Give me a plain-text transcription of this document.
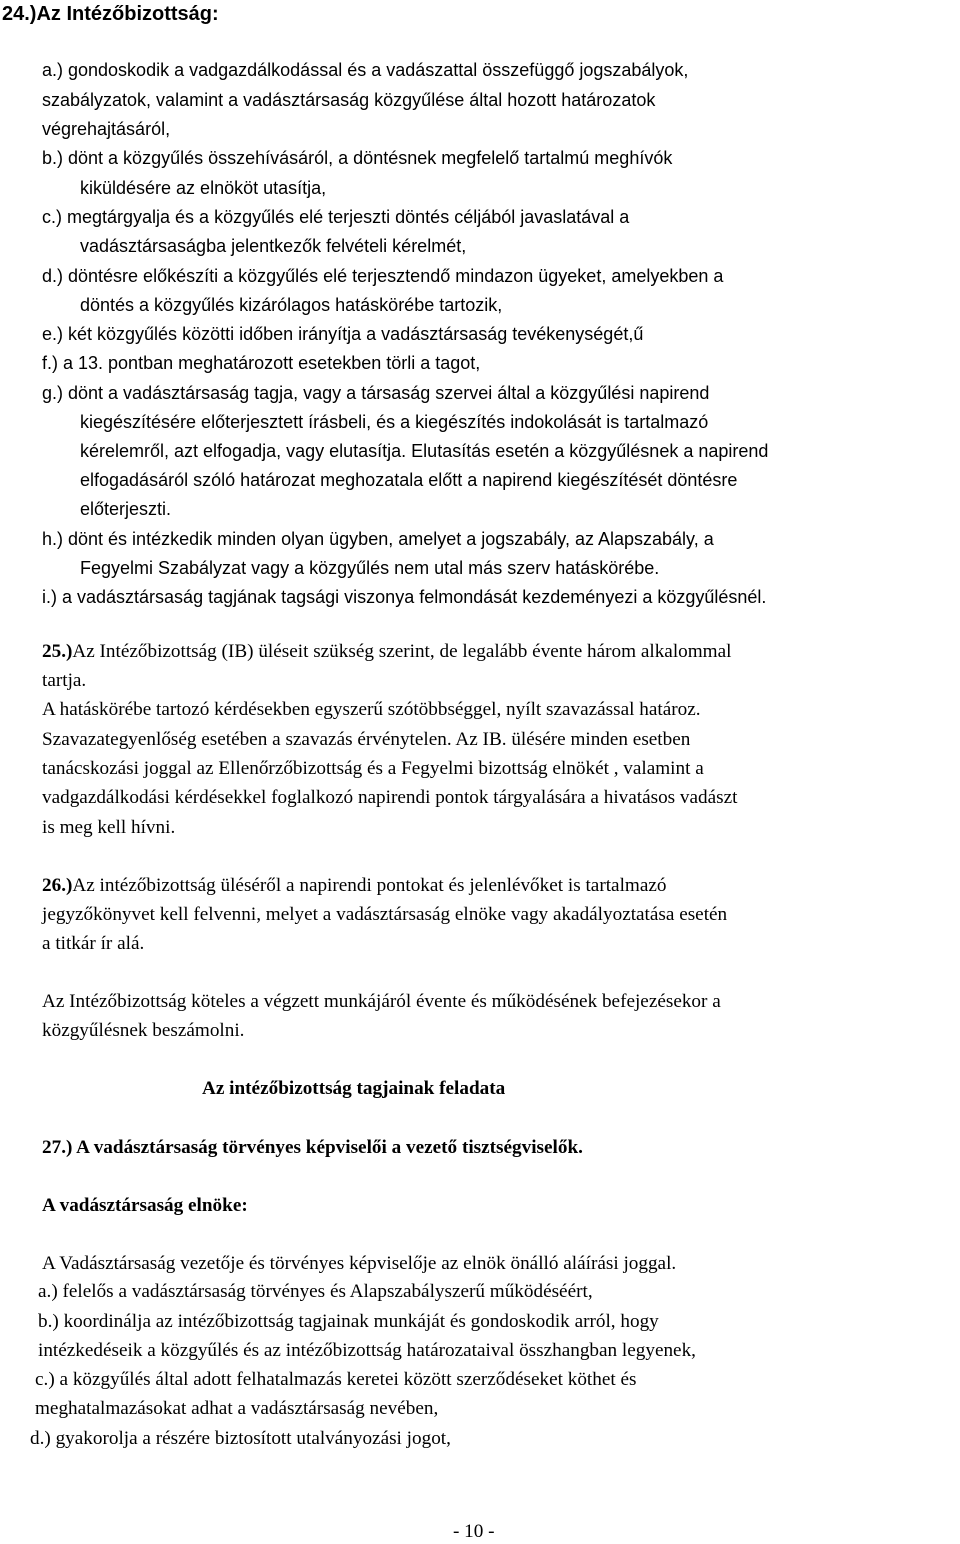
24.)Az Intézőbizottság:
a.) gondoskodik a vadgazdálkodással és a vadászattal összefüggő jogszabályok,
szabályzatok, valamint a vadásztársaság közgyűlése által hozott határozatok
végrehajtásáról,
b.) dönt a közgyűlés összehívásáról, a döntésnek megfelelő tartalmú meghívók
kiküldésére az elnököt utasítja,
c.) megtárgyalja és a közgyűlés elé terjeszti döntés céljából javaslatával a
vadásztársaságba jelentkezők felvételi kérelmét,
d.) döntésre előkészíti a közgyűlés elé terjesztendő mindazon ügyeket, amelyekben a
döntés a közgyűlés kizárólagos hatáskörébe tartozik,
e.) két közgyűlés közötti időben irányítja a vadásztársaság tevékenységét,ű
f.) a 13. pontban meghatározott esetekben törli a tagot,
g.) dönt a vadásztársaság tagja, vagy a társaság szervei által a közgyűlési napirend
kiegészítésére előterjesztett írásbeli, és a kiegészítés indokolását is tartalmazó
kérelemről, azt elfogadja, vagy elutasítja. Elutasítás esetén a közgyűlésnek a napirend
elfogadásáról szóló határozat meghozatala előtt a napirend kiegészítését döntésre
előterjeszti.
h.) dönt és intézkedik minden olyan ügyben, amelyet a jogszabály, az Alapszabály, a
Fegyelmi Szabályzat vagy a közgyűlés nem utal más szerv hatáskörébe.
i.) a vadásztársaság tagjának tagsági viszonya felmondását kezdeményezi a közgyűlésnél.
25.)Az Intézőbizottság (IB) üléseit szükség szerint, de legalább évente három alkalommal
tartja.
A hatáskörébe tartozó kérdésekben egyszerű szótöbbséggel, nyílt szavazással határoz.
Szavazategyenlőség esetében a szavazás érvénytelen. Az IB. ülésére minden esetben
tanácskozási joggal az Ellenőrzőbizottság és a Fegyelmi bizottság elnökét , valamint a
vadgazdálkodási kérdésekkel foglalkozó napirendi pontok tárgyalására a hivatásos vadászt
is meg kell hívni.
26.)Az intézőbizottság üléséről a napirendi pontokat és jelenlévőket is tartalmazó
jegyzőkönyvet kell felvenni, melyet a vadásztársaság elnöke vagy akadályoztatása esetén
a titkár ír alá.
Az Intézőbizottság köteles a végzett munkájáról évente és működésének befejezésekor a
közgyűlésnek beszámolni.
Az intézőbizottság tagjainak feladata
27.) A vadásztársaság törvényes képviselői a vezető tisztségviselők.
A vadásztársaság elnöke:
A Vadásztársaság vezetője és törvényes képviselője az elnök önálló aláírási joggal.
a.) felelős a vadásztársaság törvényes és Alapszabályszerű működéséért,
b.) koordinálja az intézőbizottság tagjainak munkáját és gondoskodik arról, hogy
intézkedéseik a közgyűlés és az intézőbizottság határozataival összhangban legyenek,
c.) a közgyűlés által adott felhatalmazás keretei között szerződéseket köthet és
meghatalmazásokat adhat a vadásztársaság nevében,
d.) gyakorolja a részére biztosított utalványozási jogot,
- 10 -
